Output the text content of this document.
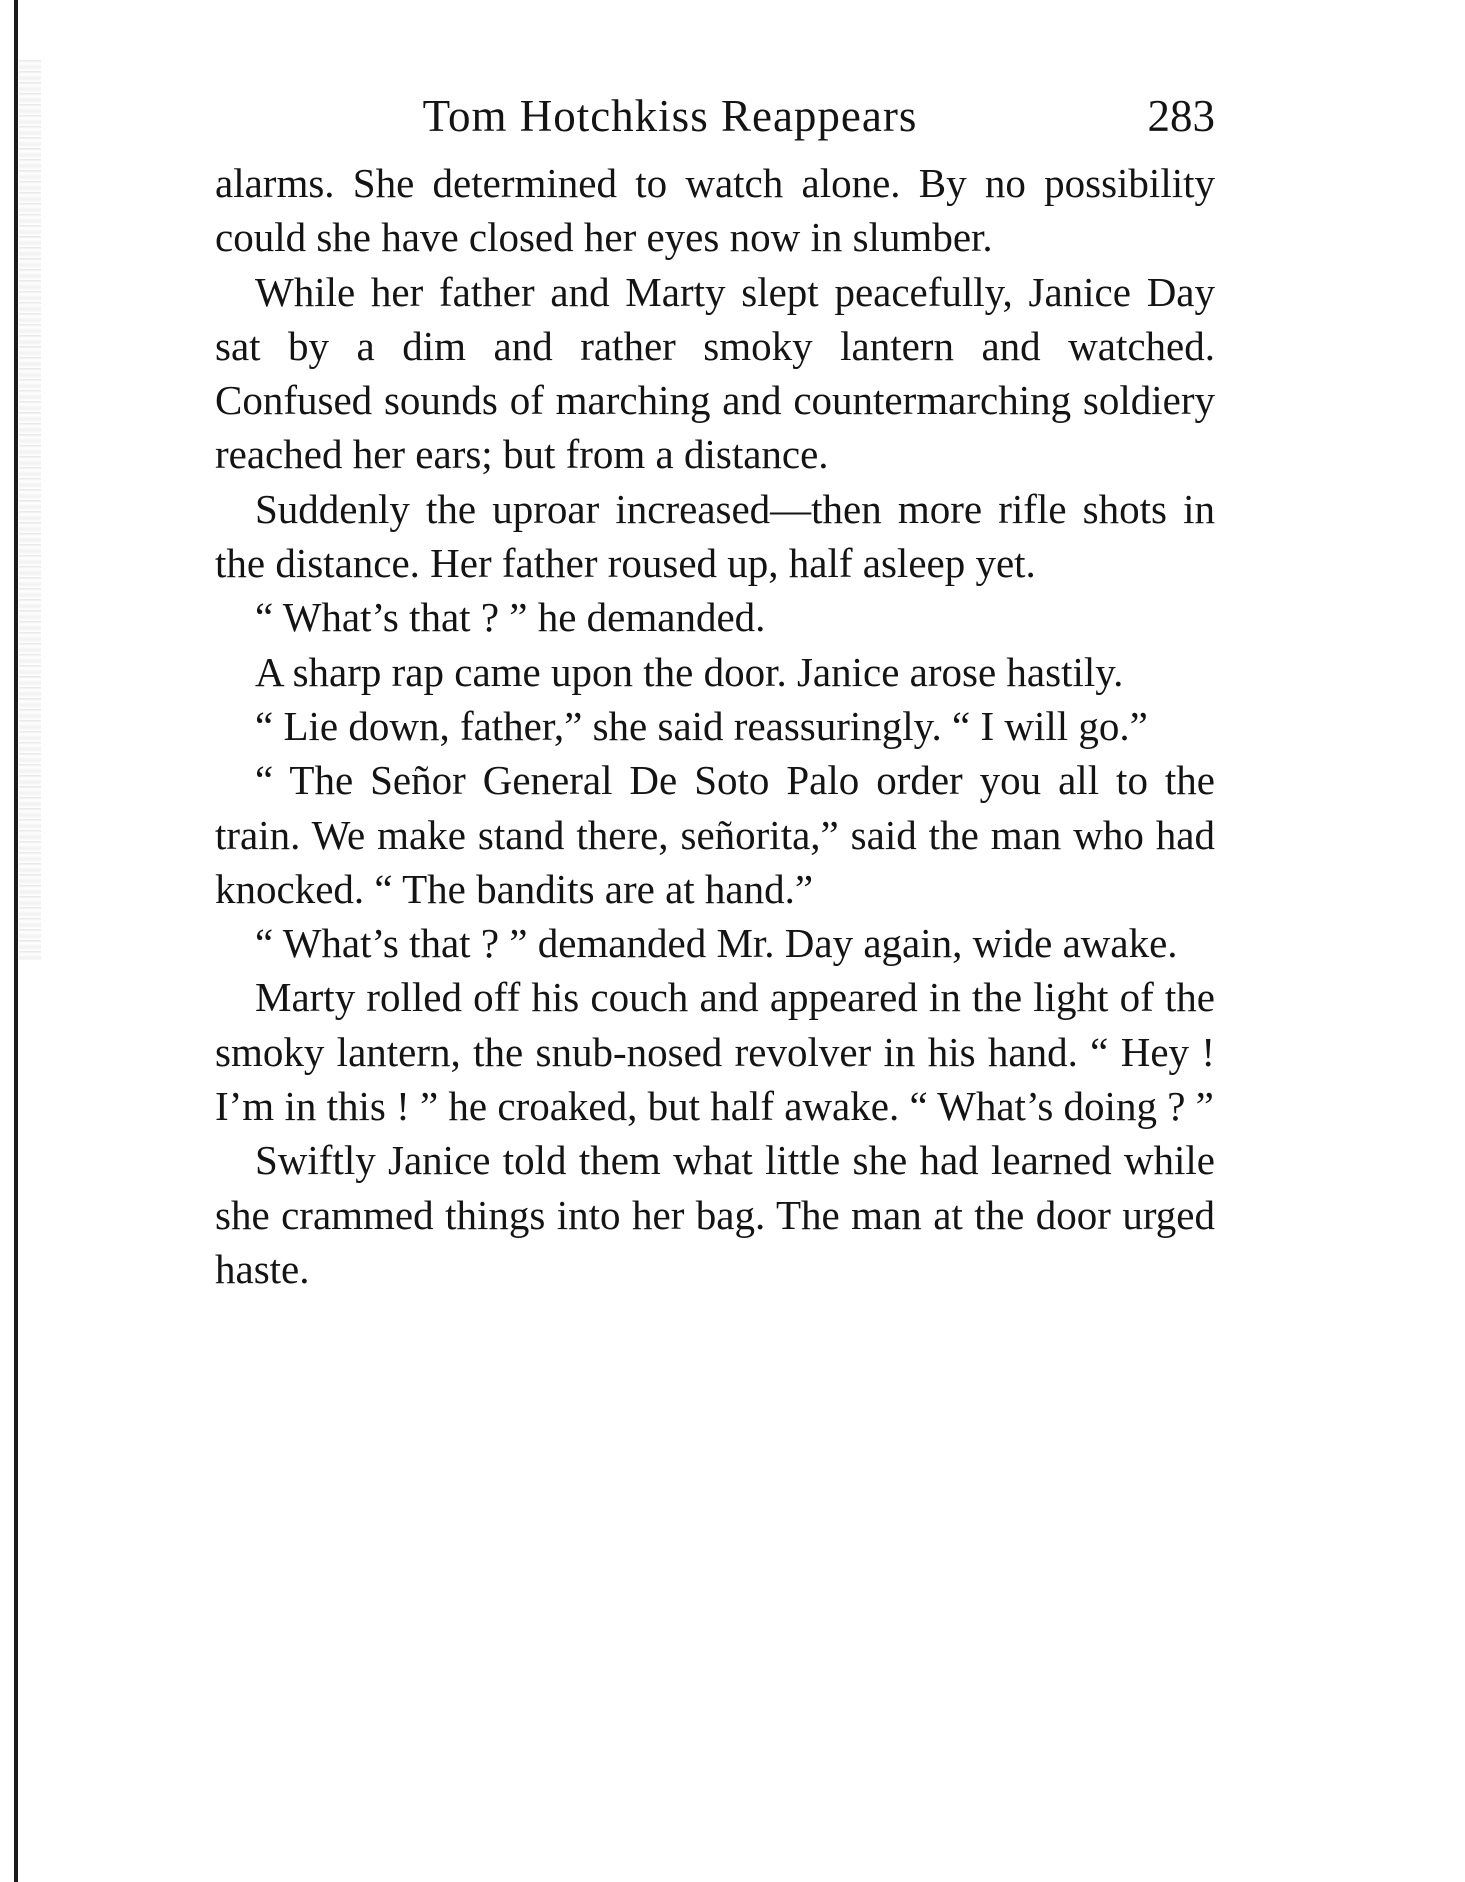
Tom Hotchkiss Reappears	283

alarms. She determined to watch alone. By no possibility could she have closed her eyes now in slumber.

While her father and Marty slept peacefully, Janice Day sat by a dim and rather smoky lantern and watched. Confused sounds of marching and countermarching soldiery reached her ears; but from a distance.

Suddenly the uproar increased—then more rifle shots in the distance. Her father roused up, half asleep yet.

“ What’s that ? ” he demanded.

A sharp rap came upon the door. Janice arose hastily.

“ Lie down, father,” she said reassuringly. “ I will go.”

“ The Señor General De Soto Palo order you all to the train. We make stand there, señorita,” said the man who had knocked. “ The bandits are at hand.”

“ What’s that ? ” demanded Mr. Day again, wide awake.

Marty rolled off his couch and appeared in the light of the smoky lantern, the snub-nosed revolver in his hand. “ Hey ! I’m in this ! ” he croaked, but half awake. “ What’s doing ? ”

Swiftly Janice told them what little she had learned while she crammed things into her bag. The man at the door urged haste.
